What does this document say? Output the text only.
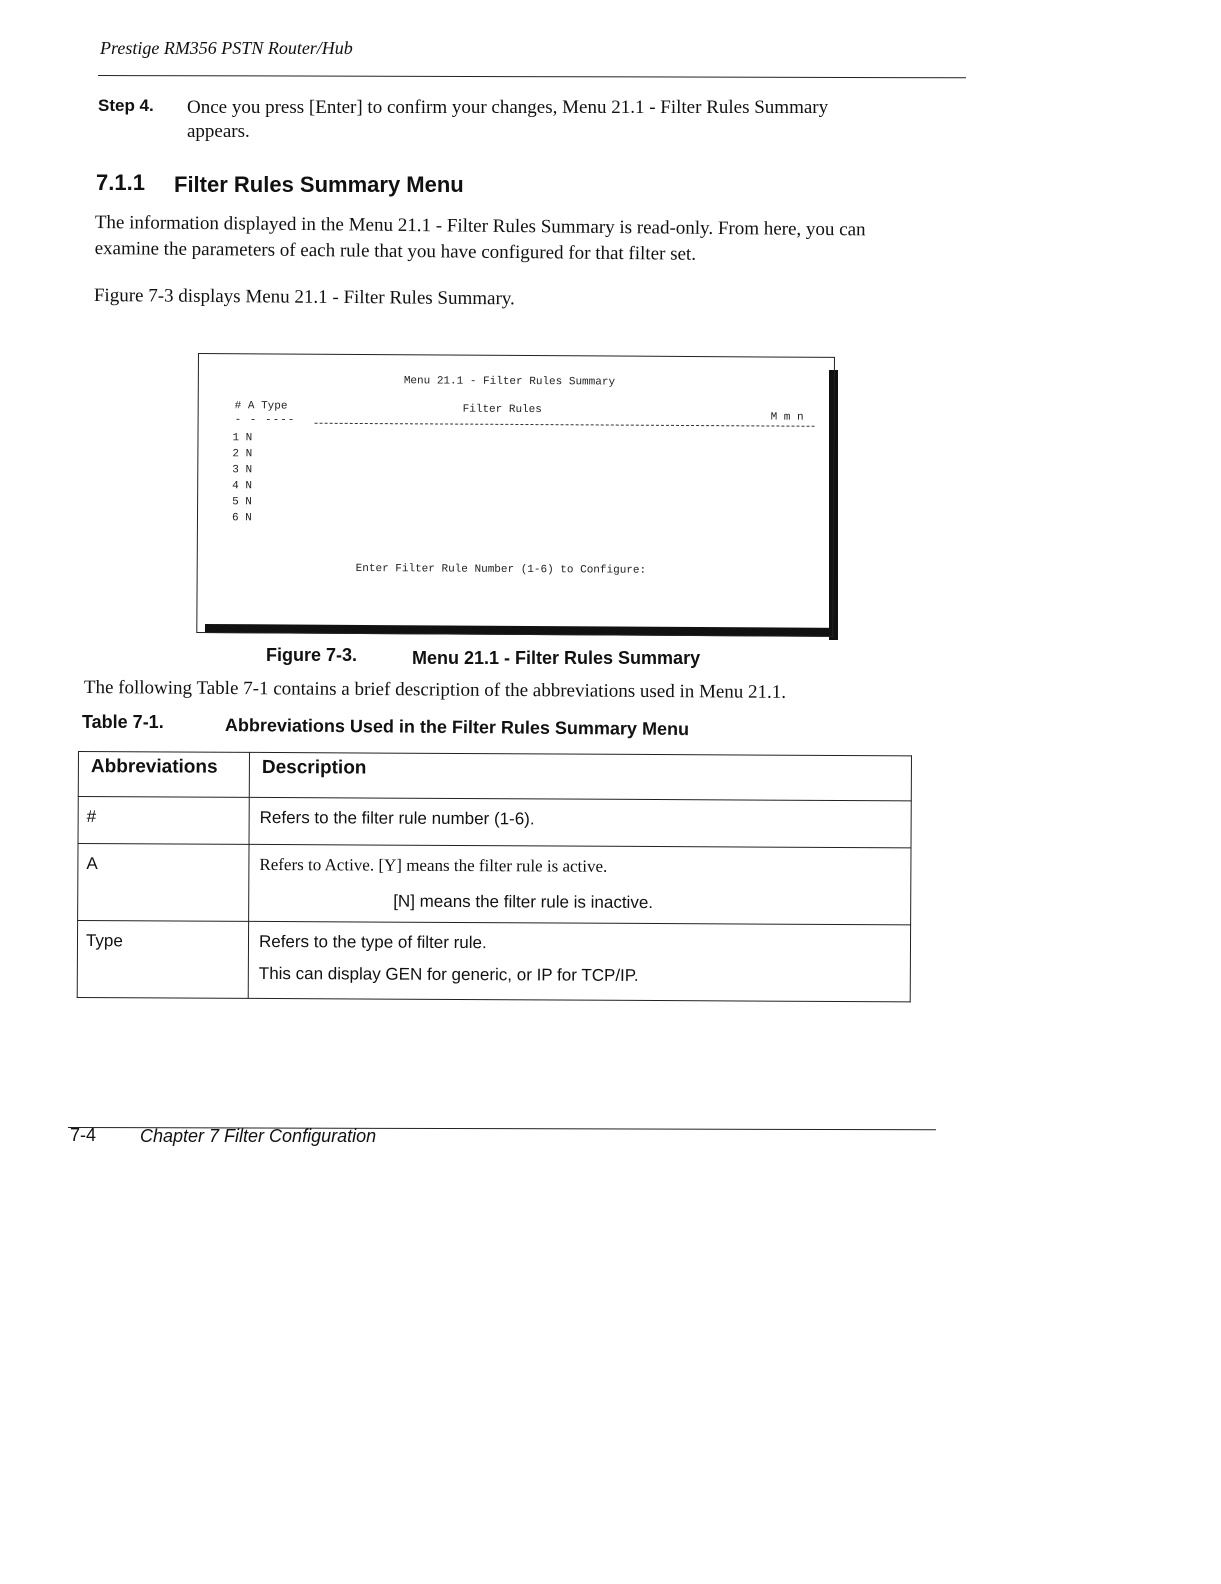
Prestige RM356 PSTN Router/Hub
Step 4. Once you press [Enter] to confirm your changes, Menu 21.1 - Filter Rules Summary appears.
7.1.1 Filter Rules Summary Menu
The information displayed in the Menu 21.1 - Filter Rules Summary is read-only. From here, you can examine the parameters of each rule that you have configured for that filter set.
Figure 7-3 displays Menu 21.1 - Filter Rules Summary.
Menu 21.1 - Filter Rules Summary
# A Type	Filter Rules
M m n
- - ----
1 N
2 N
3 N
4 N
5 N
6 N
Enter Filter Rule Number (1-6) to Configure:
Figure 7-3.	Menu 21.1 - Filter Rules Summary
The following Table 7-1 contains a brief description of the abbreviations used in Menu 21.1.
Table 7-1.	Abbreviations Used in the Filter Rules Summary Menu
Abbreviations	Description
#	Refers to the filter rule number (1-6).
A	Refers to Active. [Y] means the filter rule is active.
[N] means the filter rule is inactive.

Type	Refers to the type of filter rule.
This can display GEN for generic, or IP for TCP/IP.
7-4 Chapter 7 Filter Configuration
